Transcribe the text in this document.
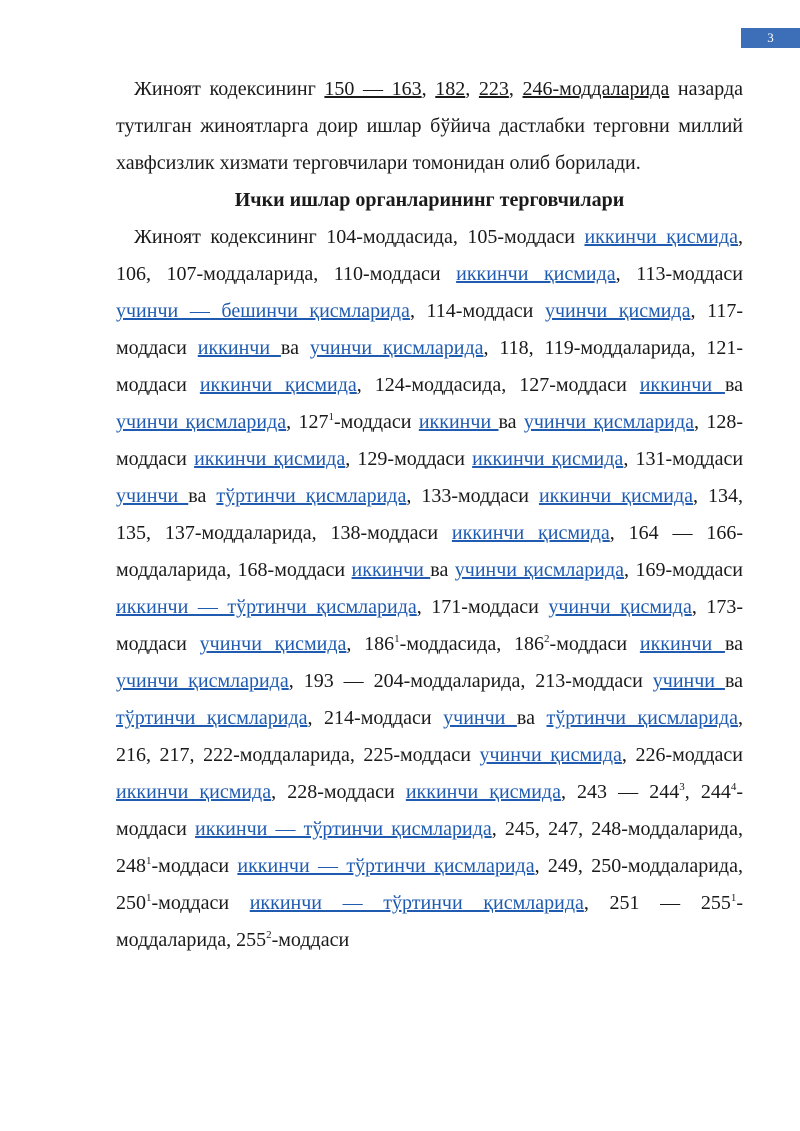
3

Жиноят кодексининг 150 — 163, 182, 223, 246-моддаларида назарда тутилган жиноятларга доир ишлар бўйича дастлабки терговни миллий хавфсизлик хизмати терговчилари томонидан олиб борилади.

Ички ишлар органларининг терговчилари

Жиноят кодексининг 104-моддасида, 105-моддаси иккинчи қисмида, 106, 107-моддаларида, 110-моддаси иккинчи қисмида, 113-моддаси учинчи — бешинчи қисмларида, 114-моддаси учинчи қисмида, 117-моддаси иккинчи ва учинчи қисмларида, 118, 119-моддаларида, 121-моддаси иккинчи қисмида, 124-моддасида, 127-моддаси иккинчи ва учинчи қисмларида, $127^1$-моддаси иккинчи ва учинчи қисмларида, 128-моддаси иккинчи қисмида, 129-моддаси иккинчи қисмида, 131-моддаси учинчи ва тўртинчи қисмларида, 133-моддаси иккинчи қисмида, 134, 135, 137-моддаларида, 138-моддаси иккинчи қисмида, 164 — 166-моддаларида, 168-моддаси иккинчи ва учинчи қисмларида, 169-моддаси иккинчи — тўртинчи қисмларида, 171-моддаси учинчи қисмида, 173-моддаси учинчи қисмида, $186^1$-моддасида, $186^2$-моддаси иккинчи ва учинчи қисмларида, 193 — 204-моддаларида, 213-моддаси учинчи ва тўртинчи қисмларида, 214-моддаси учинчи ва тўртинчи қисмларида, 216, 217, 222-моддаларида, 225-моддаси учинчи қисмида, 226-моддаси иккинчи қисмида, 228-моддаси иккинчи қисмида, 243 — $244^3$, $244^4$-моддаси иккинчи — тўртинчи қисмларида, 245, 247, 248-моддаларида, $248^1$-моддаси иккинчи — тўртинчи қисмларида, 249, 250-моддаларида, $250^1$-моддаси иккинчи — тўртинчи қисмларида, 251 — $255^1$-моддаларида, $255^2$-моддаси
